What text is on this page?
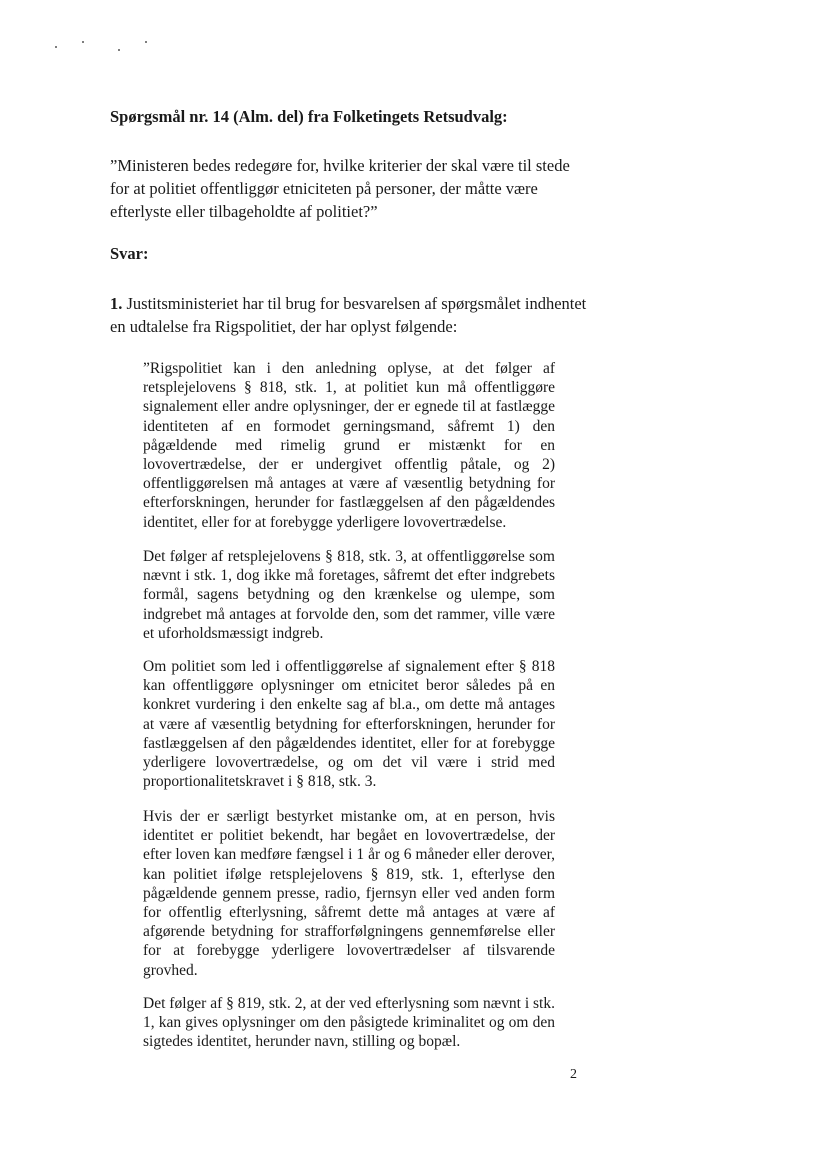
Spørgsmål nr. 14 (Alm. del) fra Folketingets Retsudvalg:
”Ministeren bedes redegøre for, hvilke kriterier der skal være til stede for at politiet offentliggør etniciteten på personer, der måtte være efterlyste eller tilbageholdte af politiet?”
Svar:
1. Justitsministeriet har til brug for besvarelsen af spørgsmålet indhentet en udtalelse fra Rigspolitiet, der har oplyst følgende:

”Rigspolitiet kan i den anledning oplyse, at det følger af retsplejelovens § 818, stk. 1, at politiet kun må offentliggøre signalement eller andre oplysninger, der er egnede til at fastlægge identiteten af en formodet gerningsmand, såfremt 1) den pågældende med rimelig grund er mistænkt for en lovovertrædelse, der er undergivet offentlig påtale, og 2) offentliggørelsen må antages at være af væsentlig betydning for efterforskningen, herunder for fastlæggelsen af den pågældendes identitet, eller for at forebygge yderligere lovovertrædelse.

Det følger af retsplejelovens § 818, stk. 3, at offentliggørelse som nævnt i stk. 1, dog ikke må foretages, såfremt det efter indgrebets formål, sagens betydning og den krænkelse og ulempe, som indgrebet må antages at forvolde den, som det rammer, ville være et uforholdsmæssigt indgreb.

Om politiet som led i offentliggørelse af signalement efter § 818 kan offentliggøre oplysninger om etnicitet beror således på en konkret vurdering i den enkelte sag af bl.a., om dette må antages at være af væsentlig betydning for efterforskningen, herunder for fastlæggelsen af den pågældendes identitet, eller for at forebygge yderligere lovovertrædelse, og om det vil være i strid med proportionalitetskravet i § 818, stk. 3.

Hvis der er særligt bestyrket mistanke om, at en person, hvis identitet er politiet bekendt, har begået en lovovertrædelse, der efter loven kan medføre fængsel i 1 år og 6 måneder eller derover, kan politiet ifølge retsplejelovens § 819, stk. 1, efterlyse den pågældende gennem presse, radio, fjernsyn eller ved anden form for offentlig efterlysning, såfremt dette må antages at være af afgørende betydning for strafforfølgningens gennemførelse eller for at forebygge yderligere lovovertrædelser af tilsvarende grovhed.

Det følger af § 819, stk. 2, at der ved efterlysning som nævnt i stk. 1, kan gives oplysninger om den påsigtede kriminalitet og om den sigtedes identitet, herunder navn, stilling og bopæl.

2
